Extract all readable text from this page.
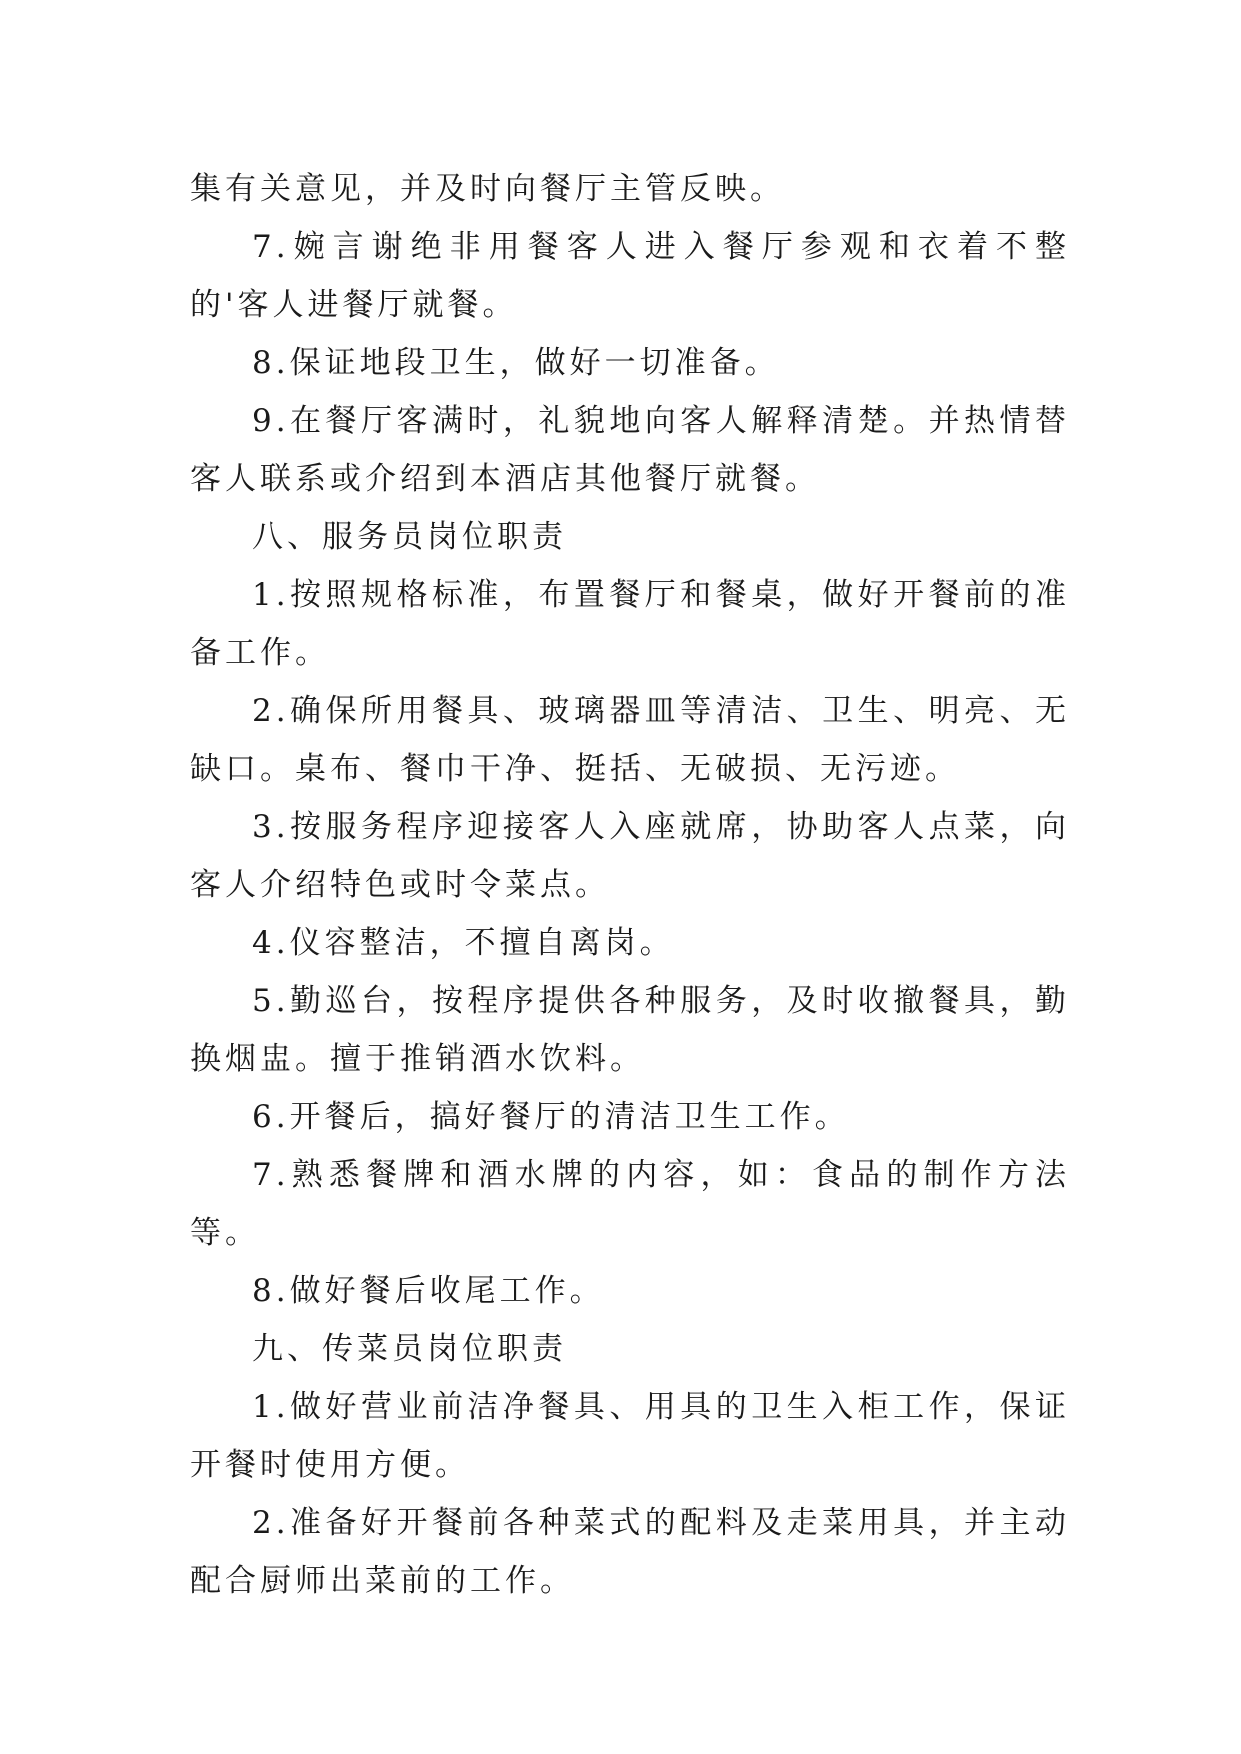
集有关意见，并及时向餐厅主管反映。

7.婉言谢绝非用餐客人进入餐厅参观和衣着不整的'客人进餐厅就餐。

8.保证地段卫生，做好一切准备。

9.在餐厅客满时，礼貌地向客人解释清楚。并热情替客人联系或介绍到本酒店其他餐厅就餐。

八、服务员岗位职责

1.按照规格标准，布置餐厅和餐桌，做好开餐前的准备工作。

2.确保所用餐具、玻璃器皿等清洁、卫生、明亮、无缺口。桌布、餐巾干净、挺括、无破损、无污迹。

3.按服务程序迎接客人入座就席，协助客人点菜，向客人介绍特色或时令菜点。

4.仪容整洁，不擅自离岗。

5.勤巡台，按程序提供各种服务，及时收撤餐具，勤换烟盅。擅于推销酒水饮料。

6.开餐后，搞好餐厅的清洁卫生工作。

7.熟悉餐牌和酒水牌的内容，如：食品的制作方法等。

8.做好餐后收尾工作。

九、传菜员岗位职责

1.做好营业前洁净餐具、用具的卫生入柜工作，保证开餐时使用方便。

2.准备好开餐前各种菜式的配料及走菜用具，并主动配合厨师出菜前的工作。
